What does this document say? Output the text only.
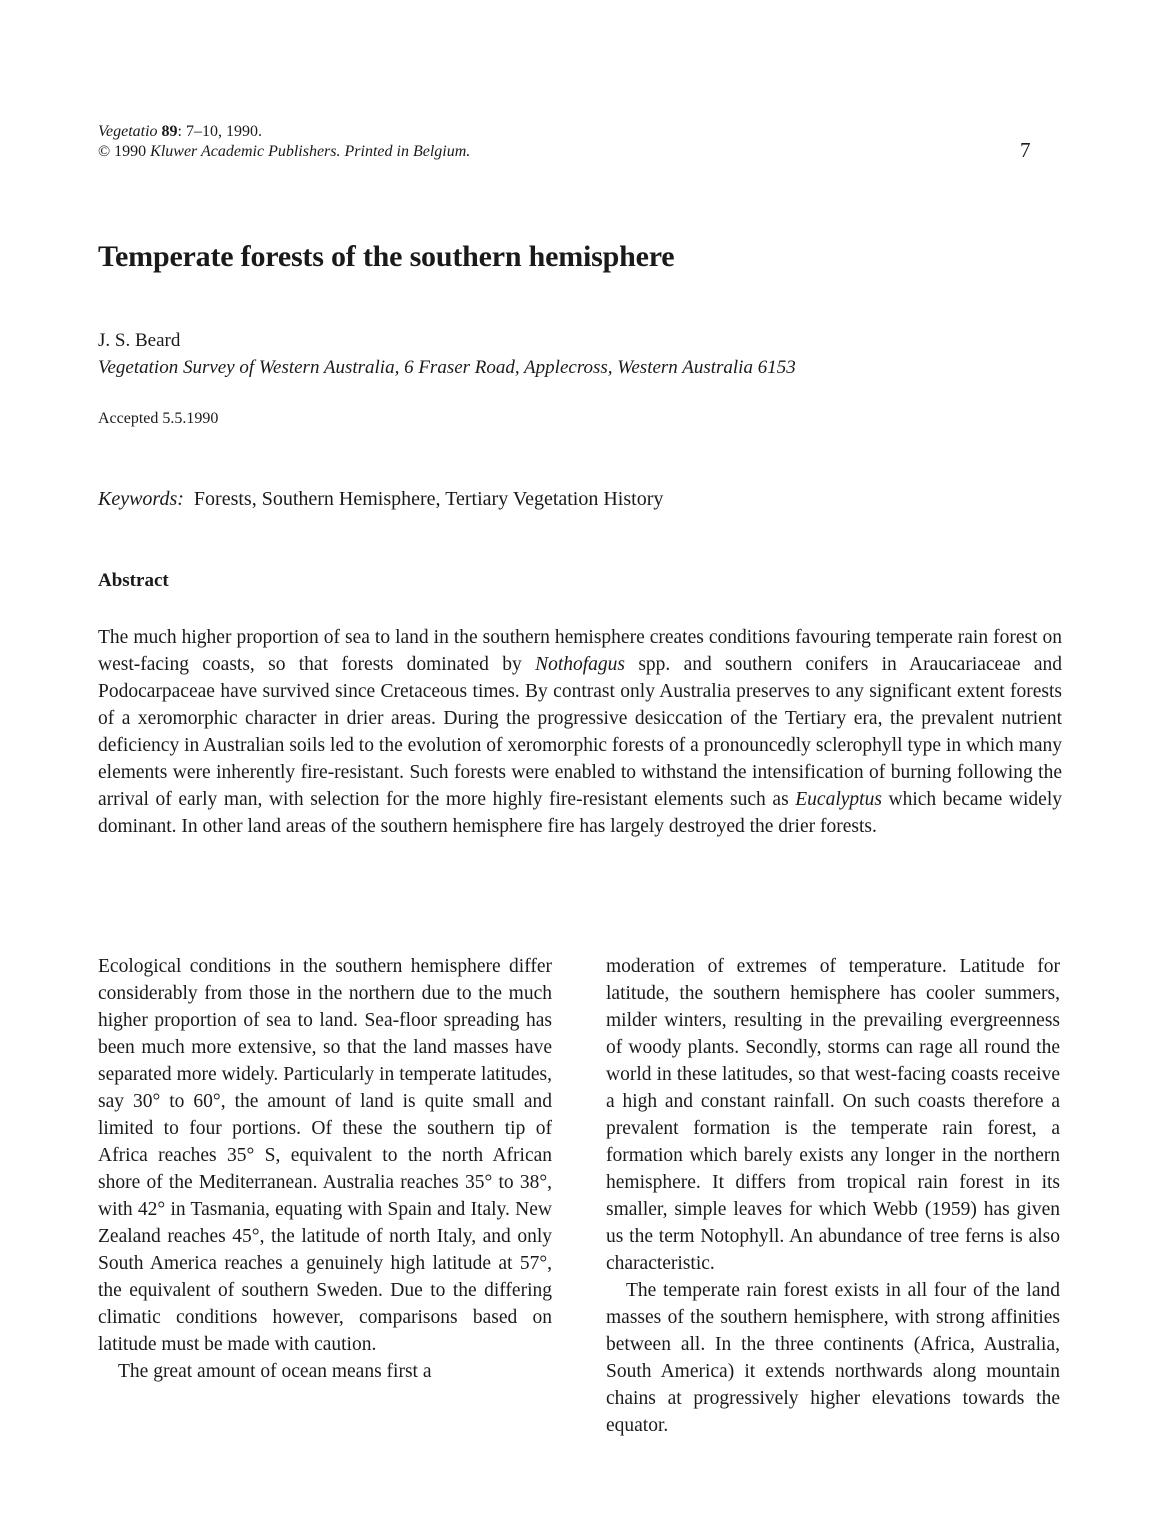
Vegetatio 89: 7–10, 1990.
© 1990 Kluwer Academic Publishers. Printed in Belgium.	7
Temperate forests of the southern hemisphere
J. S. Beard
Vegetation Survey of Western Australia, 6 Fraser Road, Applecross, Western Australia 6153
Accepted 5.5.1990
Keywords: Forests, Southern Hemisphere, Tertiary Vegetation History
Abstract

The much higher proportion of sea to land in the southern hemisphere creates conditions favouring temperate rain forest on west-facing coasts, so that forests dominated by Nothofagus spp. and southern conifers in Araucariaceae and Podocarpaceae have survived since Cretaceous times. By contrast only Australia preserves to any significant extent forests of a xeromorphic character in drier areas. During the progressive desiccation of the Tertiary era, the prevalent nutrient deficiency in Australian soils led to the evolution of xeromorphic forests of a pronouncedly sclerophyll type in which many elements were inherently fire-resistant. Such forests were enabled to withstand the intensification of burning following the arrival of early man, with selection for the more highly fire-resistant elements such as Eucalyptus which became widely dominant. In other land areas of the southern hemisphere fire has largely destroyed the drier forests.

Ecological conditions in the southern hemisphere differ considerably from those in the northern due to the much higher proportion of sea to land. Sea-floor spreading has been much more extensive, so that the land masses have separated more widely. Particularly in temperate latitudes, say 30° to 60°, the amount of land is quite small and limited to four portions. Of these the southern tip of Africa reaches 35° S, equivalent to the north African shore of the Mediterranean. Australia reaches 35° to 38°, with 42° in Tasmania, equating with Spain and Italy. New Zealand reaches 45°, the latitude of north Italy, and only South America reaches a genuinely high latitude at 57°, the equivalent of southern Sweden. Due to the differing climatic conditions however, comparisons based on latitude must be made with caution.

The great amount of ocean means first a

moderation of extremes of temperature. Latitude for latitude, the southern hemisphere has cooler summers, milder winters, resulting in the prevailing evergreenness of woody plants. Secondly, storms can rage all round the world in these latitudes, so that west-facing coasts receive a high and constant rainfall. On such coasts therefore a prevalent formation is the temperate rain forest, a formation which barely exists any longer in the northern hemisphere. It differs from tropical rain forest in its smaller, simple leaves for which Webb (1959) has given us the term Notophyll. An abundance of tree ferns is also characteristic.

The temperate rain forest exists in all four of the land masses of the southern hemisphere, with strong affinities between all. In the three continents (Africa, Australia, South America) it extends northwards along mountain chains at progressively higher elevations towards the equator.
